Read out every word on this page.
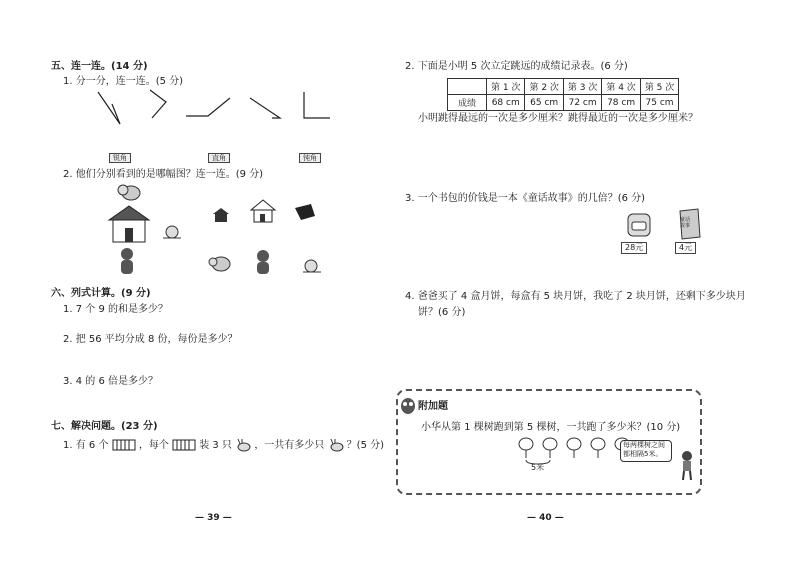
五、连一连。(14 分)
1. 分一分，连一连。(5 分)
锐角	直角	钝角
2. 他们分别看到的是哪幅图？连一连。(9 分)
六、列式计算。(9 分)
1. 7 个 9 的和是多少？
2. 把 56 平均分成 8 份，每份是多少？
3. 4 的 6 倍是多少？
七、解决问题。(23 分)
1. 有 6 个	，每个	装 3 只 ，一共有多少只 ？(5 分)
— 39 —
2. 下面是小明 5 次立定跳远的成绩记录表。(6 分)
	第 1 次	第 2 次	第 3 次	第 4 次	第 5 次
成绩	68 cm	65 cm	72 cm	78 cm	75 cm
小明跳得最远的一次是多少厘米？跳得最近的一次是多少厘米？
3. 一个书包的价钱是一本《童话故事》的几倍？(6 分)
28元
童话故事
4元
4. 爸爸买了 4 盒月饼，每盒有 5 块月饼，我吃了 2 块月饼，还剩下多少块月
饼？(6 分)
附加题
小华从第 1 棵树跑到第 5 棵树，一共跑了多少米？(10 分)
5米
每两棵树之间
都相隔5米。
— 40 —
